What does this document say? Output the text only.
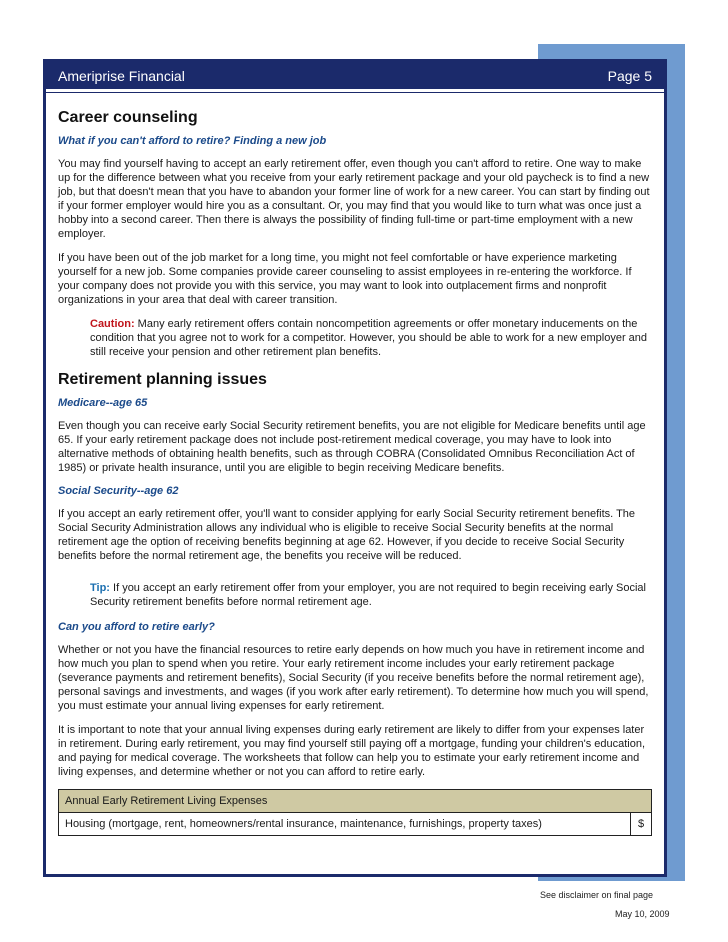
Ameriprise Financial	Page 5
Career counseling
What if you can't afford to retire? Finding a new job

You may find yourself having to accept an early retirement offer, even though you can't afford to retire. One way to make up for the difference between what you receive from your early retirement package and your old paycheck is to find a new job, but that doesn't mean that you have to abandon your former line of work for a new career. You can start by finding out if your former employer would hire you as a consultant. Or, you may find that you would like to turn what was once just a hobby into a second career. Then there is always the possibility of finding full-time or part-time employment with a new employer.

If you have been out of the job market for a long time, you might not feel comfortable or have experience marketing yourself for a new job. Some companies provide career counseling to assist employees in re-entering the workforce. If your company does not provide you with this service, you may want to look into outplacement firms and nonprofit organizations in your area that deal with career transition.

Caution: Many early retirement offers contain noncompetition agreements or offer monetary inducements on the condition that you agree not to work for a competitor. However, you should be able to work for a new employer and still receive your pension and other retirement plan benefits.

Retirement planning issues
Medicare--age 65

Even though you can receive early Social Security retirement benefits, you are not eligible for Medicare benefits until age 65. If your early retirement package does not include post-retirement medical coverage, you may have to look into alternative methods of obtaining health benefits, such as through COBRA (Consolidated Omnibus Reconciliation Act of 1985) or private health insurance, until you are eligible to begin receiving Medicare benefits.

Social Security--age 62

If you accept an early retirement offer, you'll want to consider applying for early Social Security retirement benefits. The Social Security Administration allows any individual who is eligible to receive Social Security benefits at the normal retirement age the option of receiving benefits beginning at age 62. However, if you decide to receive Social Security benefits before the normal retirement age, the benefits you receive will be reduced.

Tip: If you accept an early retirement offer from your employer, you are not required to begin receiving early Social Security retirement benefits before normal retirement age.

Can you afford to retire early?

Whether or not you have the financial resources to retire early depends on how much you have in retirement income and how much you plan to spend when you retire. Your early retirement income includes your early retirement package (severance payments and retirement benefits), Social Security (if you receive benefits before the normal retirement age), personal savings and investments, and wages (if you work after early retirement). To determine how much you will spend, you must estimate your annual living expenses for early retirement.

It is important to note that your annual living expenses during early retirement are likely to differ from your expenses later in retirement. During early retirement, you may find yourself still paying off a mortgage, funding your children's education, and paying for medical coverage. The worksheets that follow can help you to estimate your early retirement income and living expenses, and determine whether or not you can afford to retire early.

Annual Early Retirement Living Expenses
Housing (mortgage, rent, homeowners/rental insurance, maintenance, furnishings, property taxes)	$
See disclaimer on final page
May 10, 2009
